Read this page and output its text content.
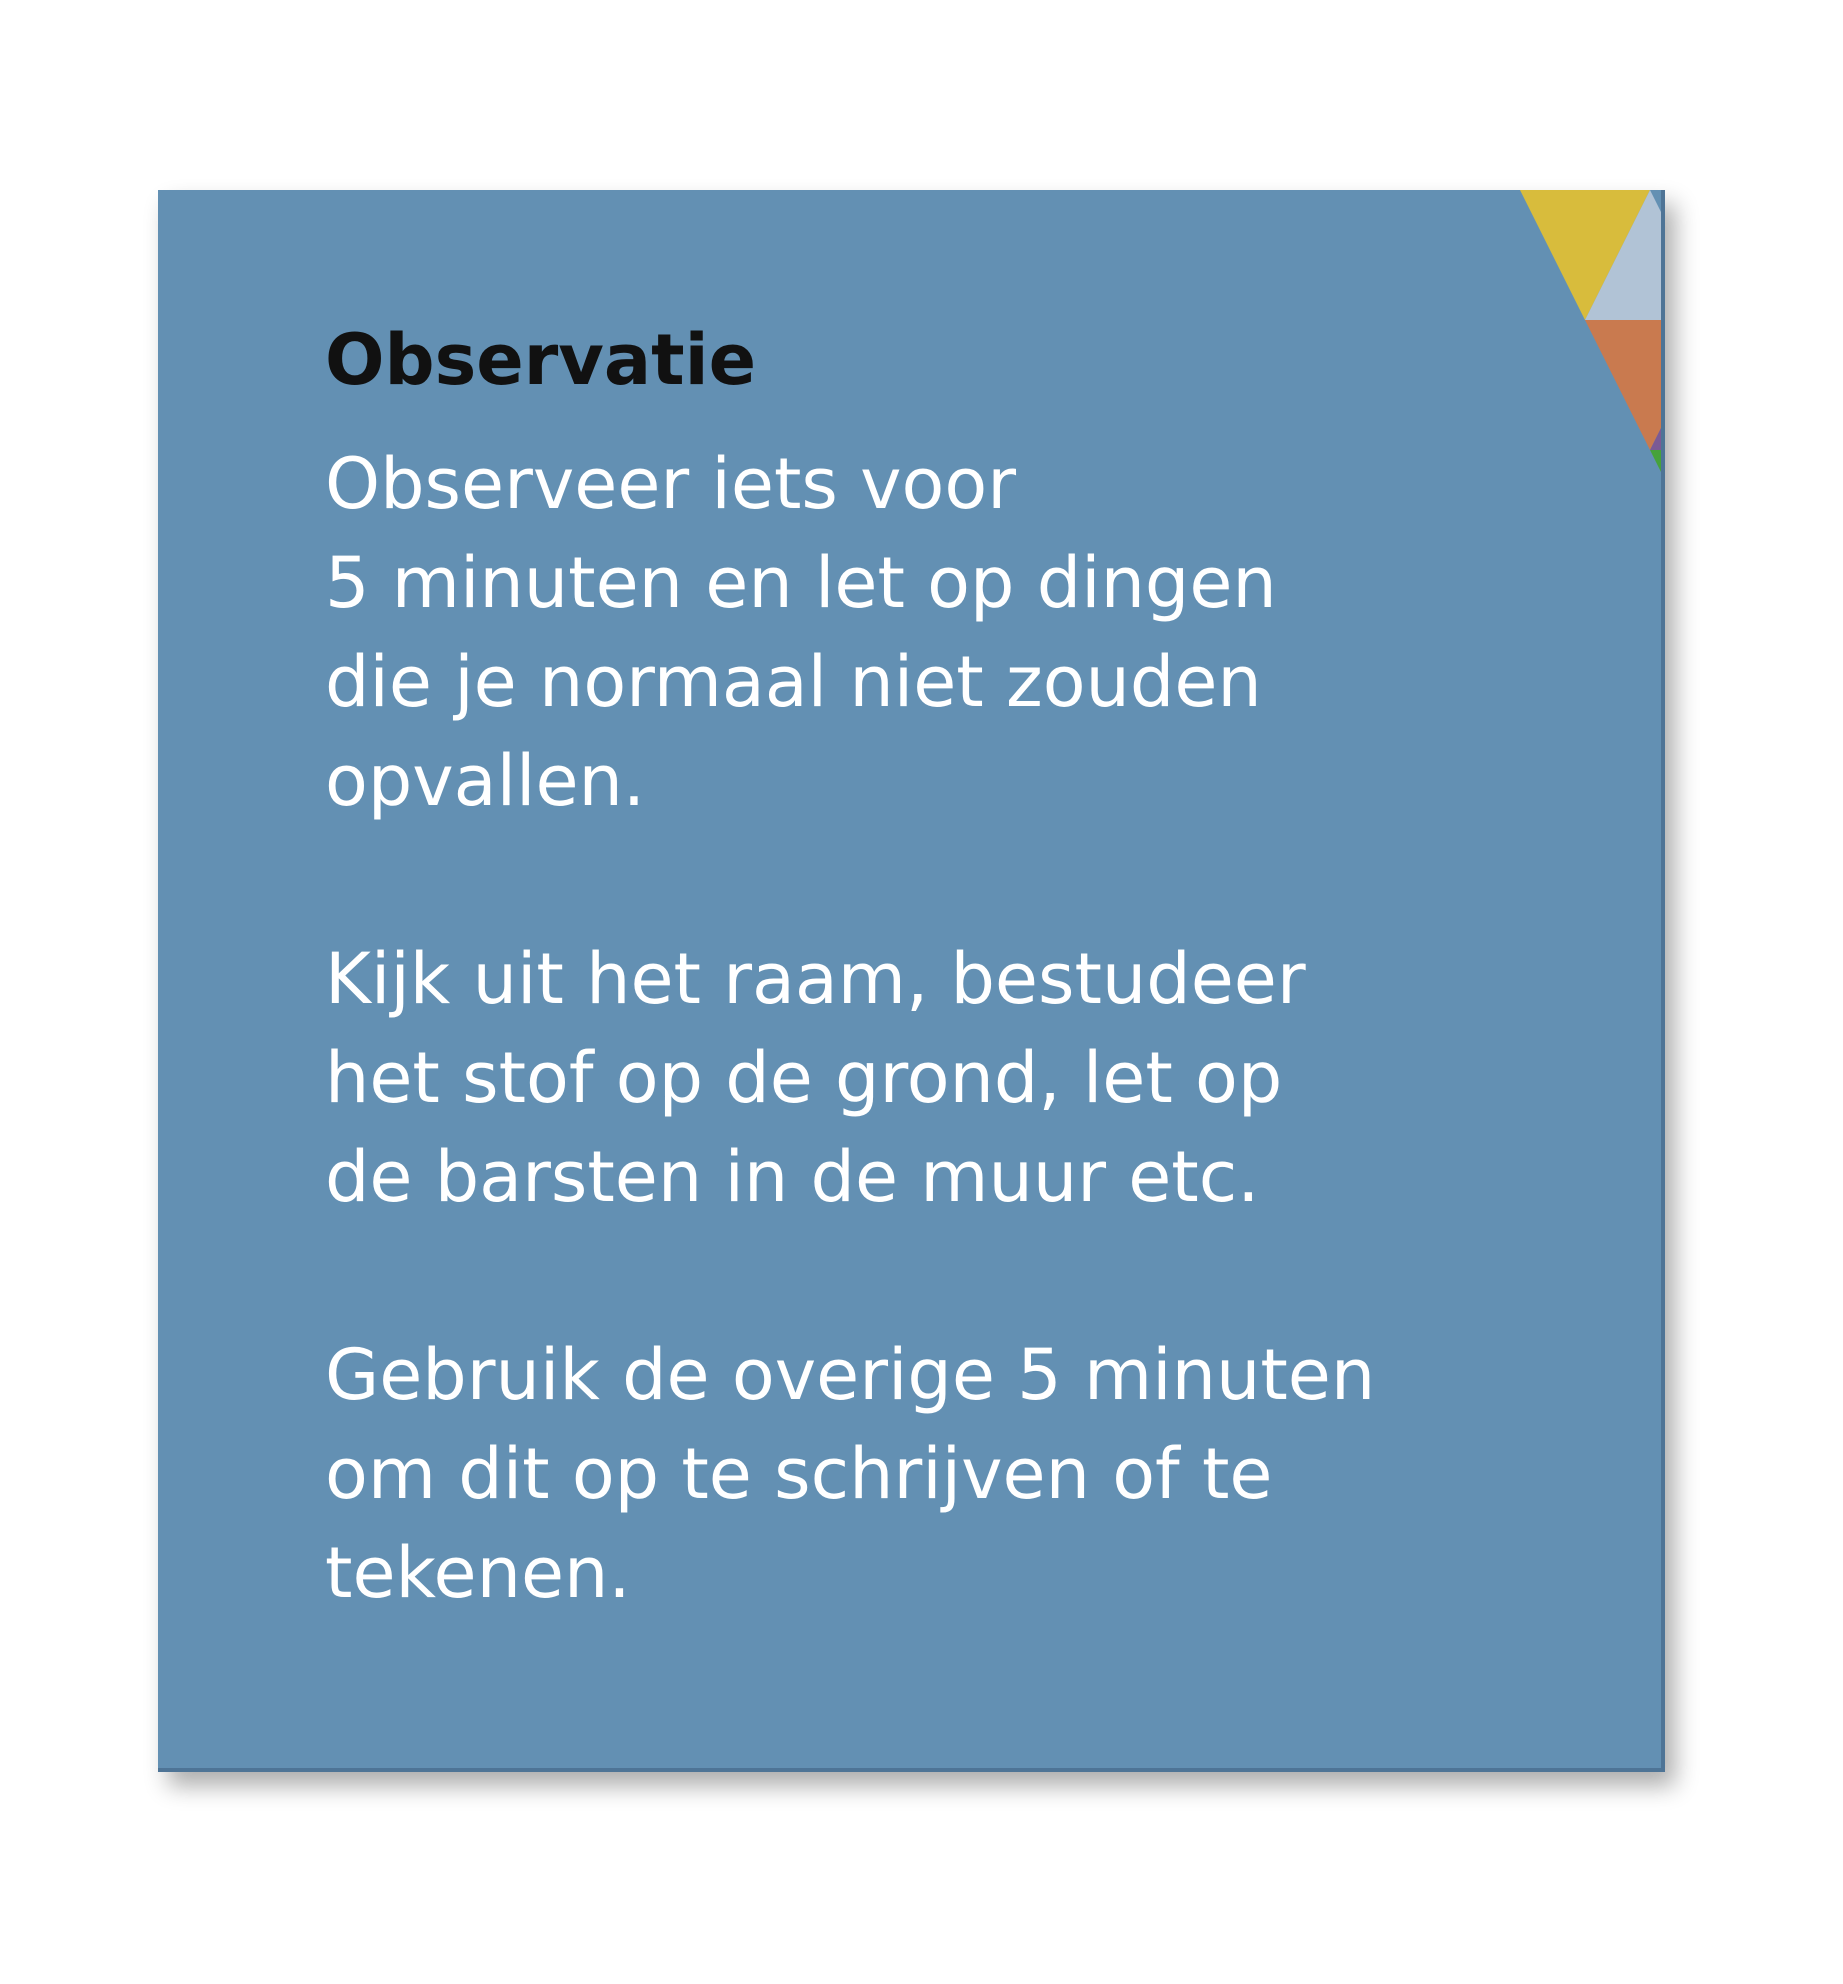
Observatie

Observeer iets voor
5 minuten en let op dingen
die je normaal niet zouden
opvallen.

Kijk uit het raam, bestudeer
het stof op de grond, let op
de barsten in de muur etc.

Gebruik de overige 5 minuten
om dit op te schrijven of te
tekenen.
